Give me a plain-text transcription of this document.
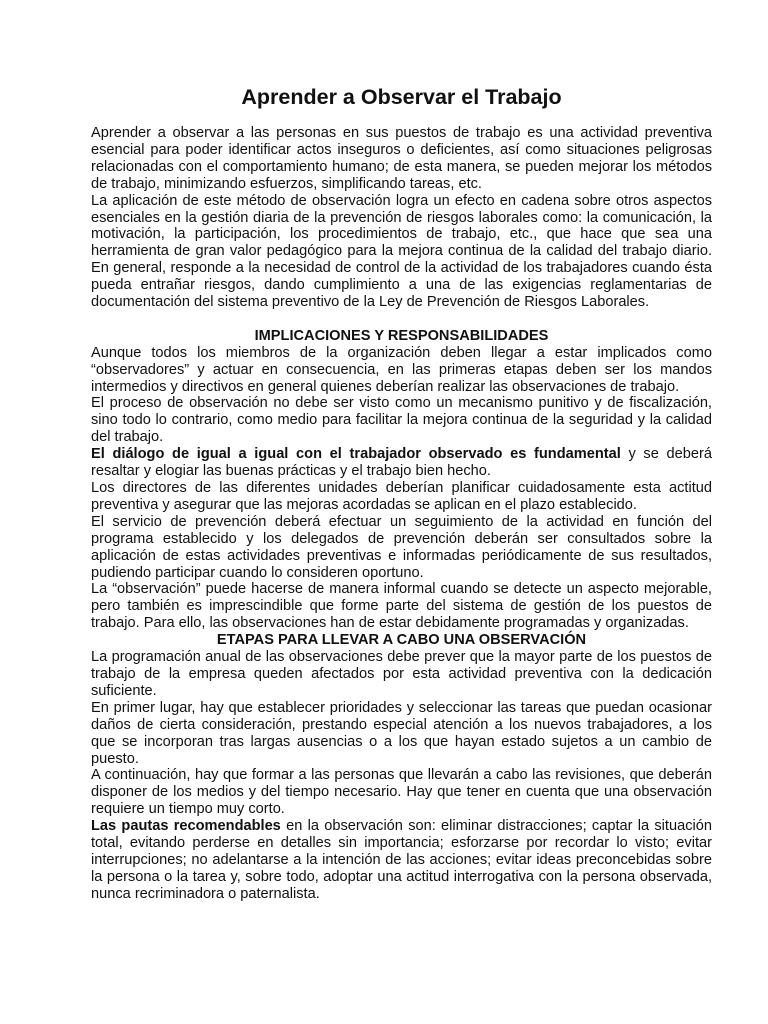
Aprender a Observar el Trabajo

Aprender a observar a las personas en sus puestos de trabajo es una actividad preventiva esencial para poder identificar actos inseguros o deficientes, así como situaciones peligrosas relacionadas con el comportamiento humano; de esta manera, se pueden mejorar los métodos de trabajo, minimizando esfuerzos, simplificando tareas, etc.

La aplicación de este método de observación logra un efecto en cadena sobre otros aspectos esenciales en la gestión diaria de la prevención de riesgos laborales como: la comunicación, la motivación, la participación, los procedimientos de trabajo, etc., que hace que sea una herramienta de gran valor pedagógico para la mejora continua de la calidad del trabajo diario. En general, responde a la necesidad de control de la actividad de los trabajadores cuando ésta pueda entrañar riesgos, dando cumplimiento a una de las exigencias reglamentarias de documentación del sistema preventivo de la Ley de Prevención de Riesgos Laborales.

IMPLICACIONES Y RESPONSABILIDADES

Aunque todos los miembros de la organización deben llegar a estar implicados como “observadores” y actuar en consecuencia, en las primeras etapas deben ser los mandos intermedios y directivos en general quienes deberían realizar las observaciones de trabajo.

El proceso de observación no debe ser visto como un mecanismo punitivo y de fiscalización, sino todo lo contrario, como medio para facilitar la mejora continua de la seguridad y la calidad del trabajo.

El diálogo de igual a igual con el trabajador observado es fundamental y se deberá resaltar y elogiar las buenas prácticas y el trabajo bien hecho.

Los directores de las diferentes unidades deberían planificar cuidadosamente esta actitud preventiva y asegurar que las mejoras acordadas se aplican en el plazo establecido.

El servicio de prevención deberá efectuar un seguimiento de la actividad en función del programa establecido y los delegados de prevención deberán ser consultados sobre la aplicación de estas actividades preventivas e informadas periódicamente de sus resultados, pudiendo participar cuando lo consideren oportuno.

La “observación” puede hacerse de manera informal cuando se detecte un aspecto mejorable, pero también es imprescindible que forme parte del sistema de gestión de los puestos de trabajo. Para ello, las observaciones han de estar debidamente programadas y organizadas.

ETAPAS PARA LLEVAR A CABO UNA OBSERVACIÓN

La programación anual de las observaciones debe prever que la mayor parte de los puestos de trabajo de la empresa queden afectados por esta actividad preventiva con la dedicación suficiente.

En primer lugar, hay que establecer prioridades y seleccionar las tareas que puedan ocasionar daños de cierta consideración, prestando especial atención a los nuevos trabajadores, a los que se incorporan tras largas ausencias o a los que hayan estado sujetos a un cambio de puesto.

A continuación, hay que formar a las personas que llevarán a cabo las revisiones, que deberán disponer de los medios y del tiempo necesario. Hay que tener en cuenta que una observación requiere un tiempo muy corto.

Las pautas recomendables en la observación son: eliminar distracciones; captar la situación total, evitando perderse en detalles sin importancia; esforzarse por recordar lo visto; evitar interrupciones; no adelantarse a la intención de las acciones; evitar ideas preconcebidas sobre la persona o la tarea y, sobre todo, adoptar una actitud interrogativa con la persona observada, nunca recriminadora o paternalista.
